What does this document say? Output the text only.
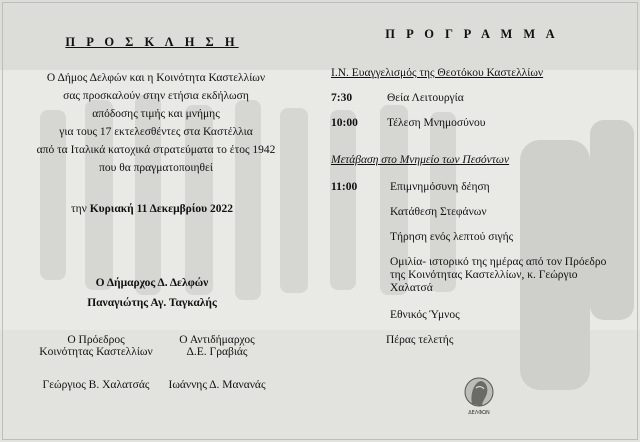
Π Ρ Ο Σ Κ Λ Η Σ Η
Ο Δήμος Δελφών και η Κοινότητα Καστελλίων
σας προσκαλούν στην ετήσια εκδήλωση
απόδοσης τιμής και μνήμης
για τους 17 εκτελεσθέντες στα Καστέλλια
από τα Ιταλικά κατοχικά στρατεύματα το έτος 1942
που θα πραγματοποιηθεί
την Κυριακή 11 Δεκεμβρίου 2022
Ο Δήμαρχος Δ. Δελφών
Παναγιώτης Αγ. Ταγκαλής
Ο Πρόεδρος
Κοινότητας Καστελλίων
Γεώργιος Β. Χαλατσάς
Ο Αντιδήμαρχος
Δ.Ε. Γραβιάς
Ιωάννης Δ. Μανανάς
Π Ρ Ο Γ Ρ Α Μ Μ Α
Ι.Ν. Ευαγγελισμός της Θεοτόκου Καστελλίων
7:30	Θεία Λειτουργία
10:00	Τέλεση Μνημοσύνου
Μετάβαση στο Μνημείο των Πεσόντων
11:00	Επιμνημόσυνη δέηση
Κατάθεση Στεφάνων
Τήρηση ενός λεπτού σιγής
Ομιλία- ιστορικό της ημέρας από τον Πρόεδρο
της Κοινότητας Καστελλίων, κ. Γεώργιο
Χαλατσά
Εθνικός Ύμνος
Πέρας τελετής
ΔΕΛΦΩΝ
